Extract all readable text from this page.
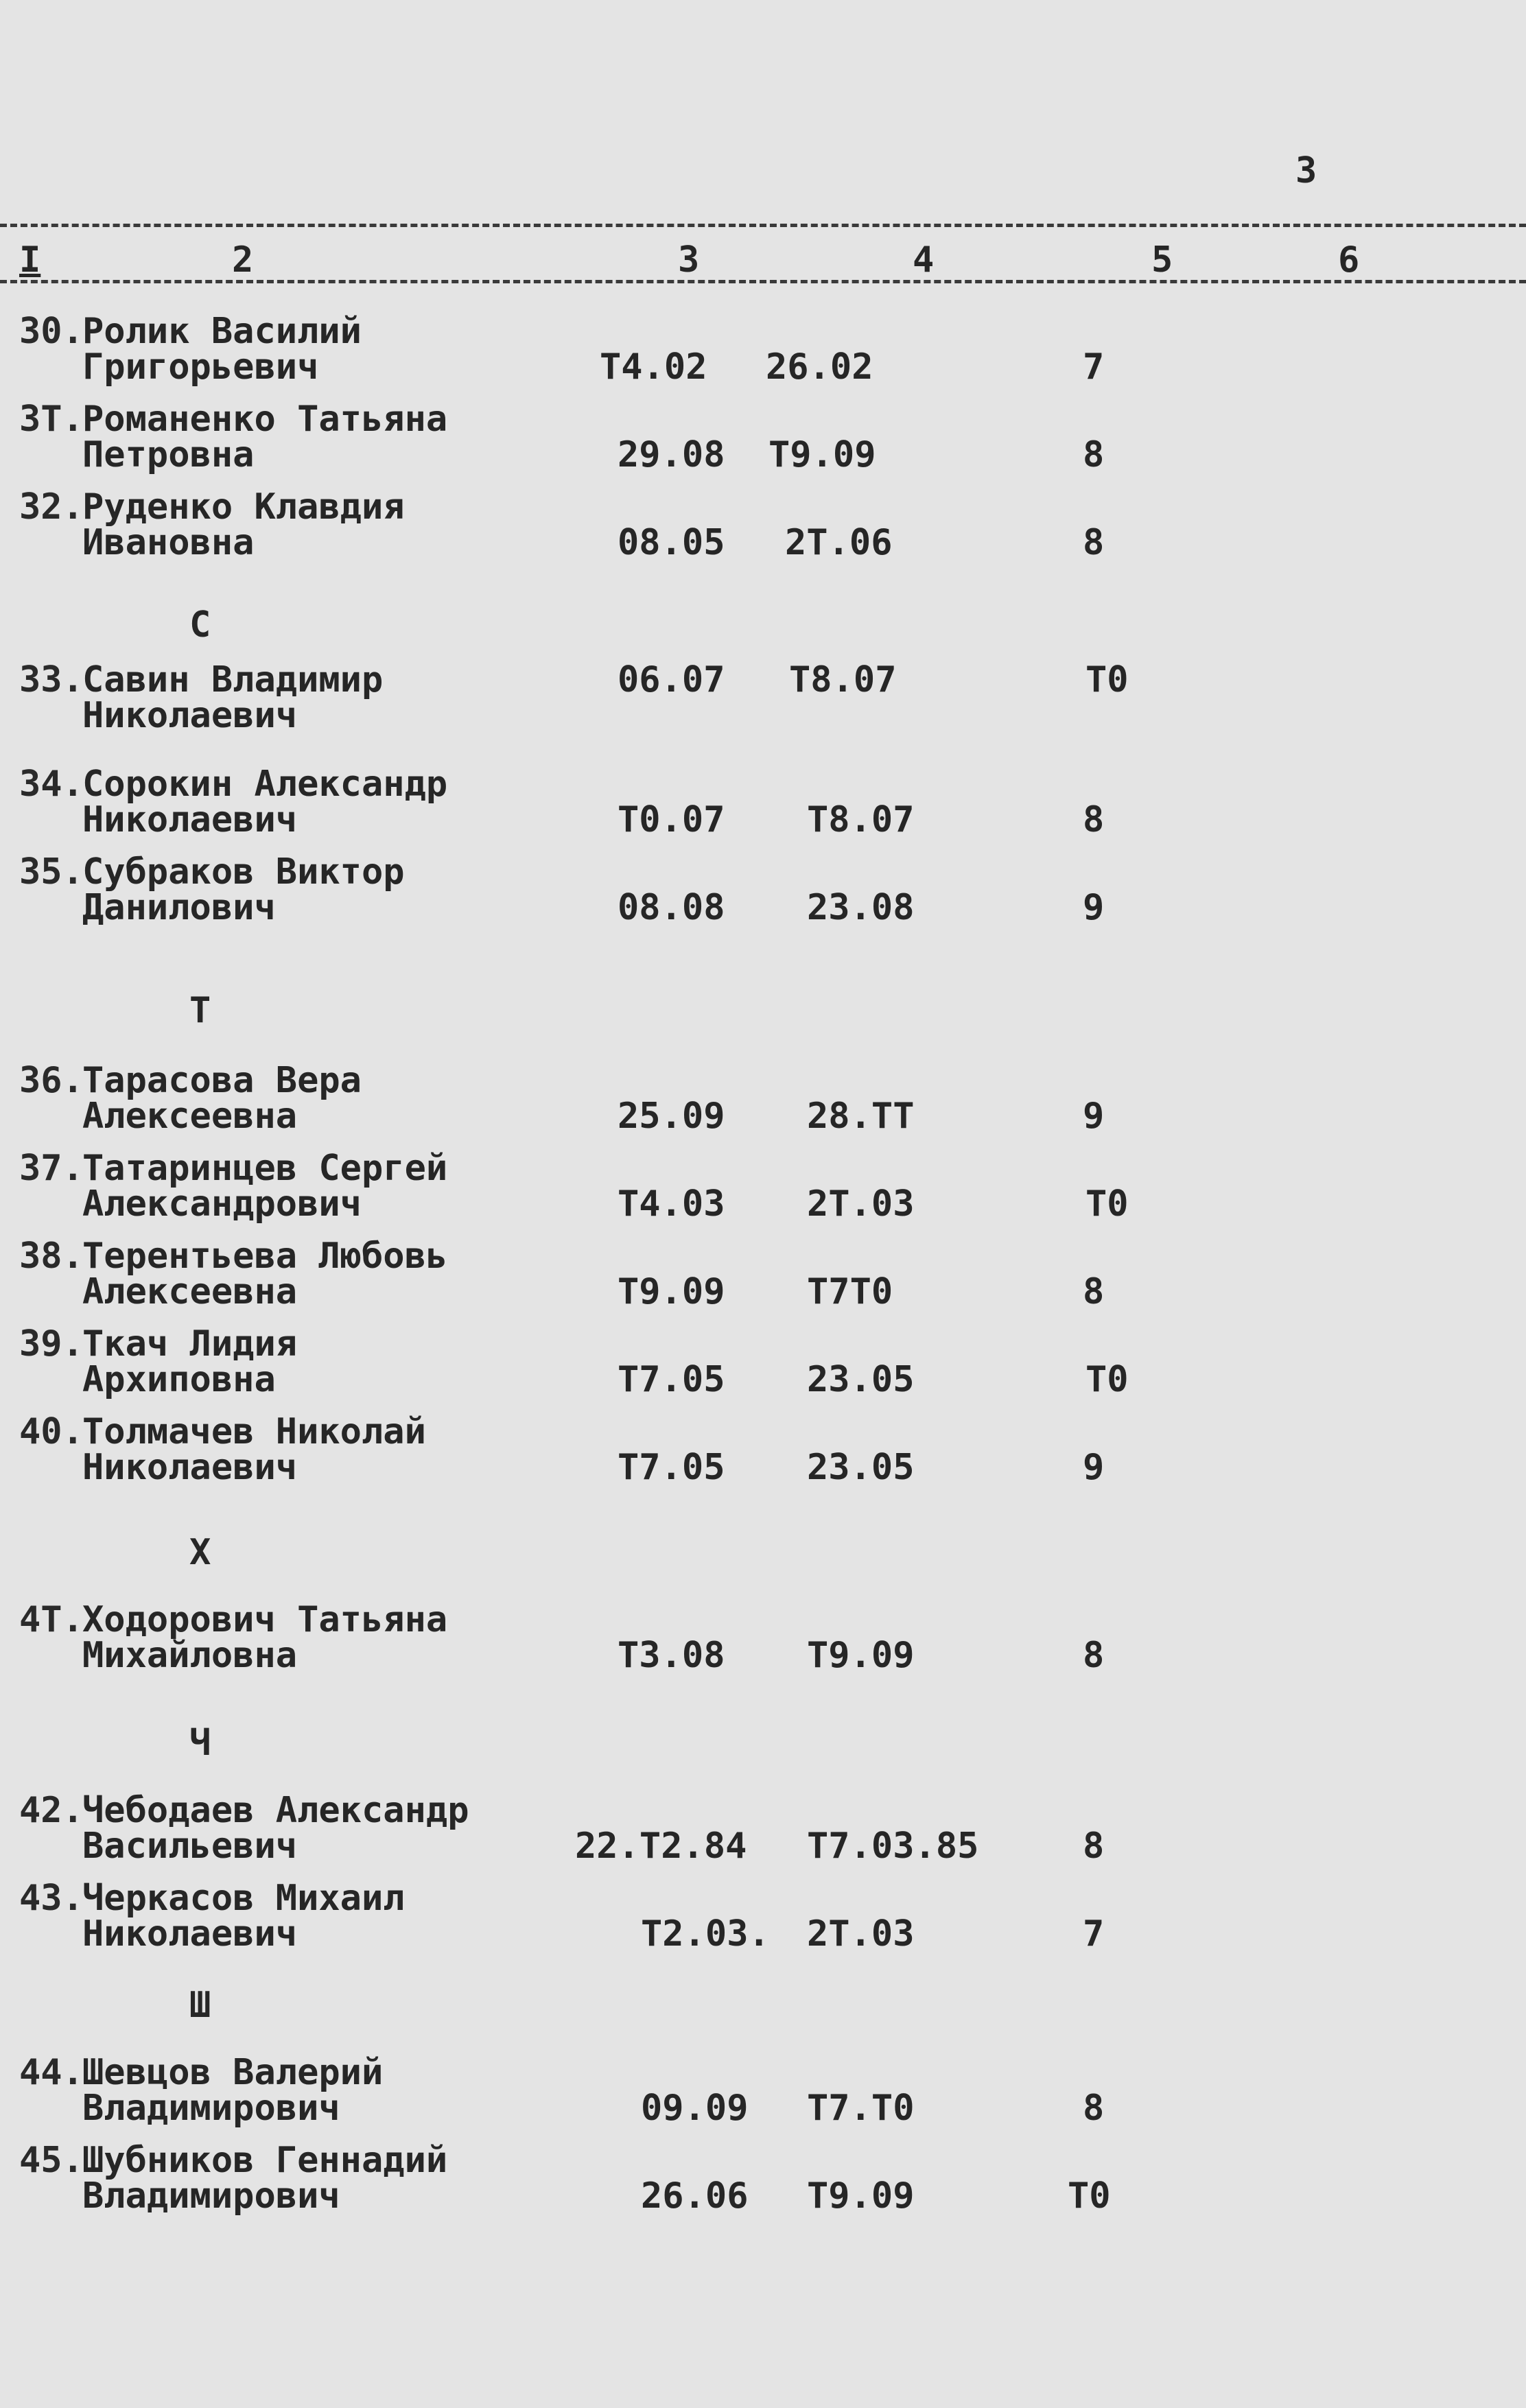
3
I	2	3	4	5	6
30.
Ролик Василий
Григорьевич	Т4.02 26.02	7
3Т.
Романенко Татьяна
Петровна	29.08 Т9.09	8
32.
Руденко Клавдия
Ивановна	08.05 2Т.06	8
С
33.
Савин Владимир
Николаевич
06.07 Т8.07	Т0
34.
Сорокин Александр
Николаевич	Т0.07 Т8.07	8
35.
Субраков Виктор
Данилович	08.08 23.08	9
Т
36.
Тарасова Вера
Алексеевна	25.09 28.ТТ	9
37.
Татаринцев Сергей
Александрович	Т4.03 2Т.03	Т0
38.
Терентьева Любовь
Алексеевна	Т9.09 Т7Т0	8
39.
Ткач Лидия
Архиповна	Т7.05 23.05	Т0
40.
Толмачев Николай
Николаевич	Т7.05 23.05	9
Х
4Т.
Ходорович Татьяна
Михайловна	Т3.08 Т9.09	8
Ч
42.
Чебодаев Александр
Васильевич	22.Т2.84 Т7.03.85	8
43.
Черкасов Михаил
Николаевич	Т2.03. 2Т.03	7
Ш
44.
Шевцов Валерий
Владимирович	09.09 Т7.Т0	8
45.
Шубников Геннадий
Владимирович	26.06 Т9.09	Т0
